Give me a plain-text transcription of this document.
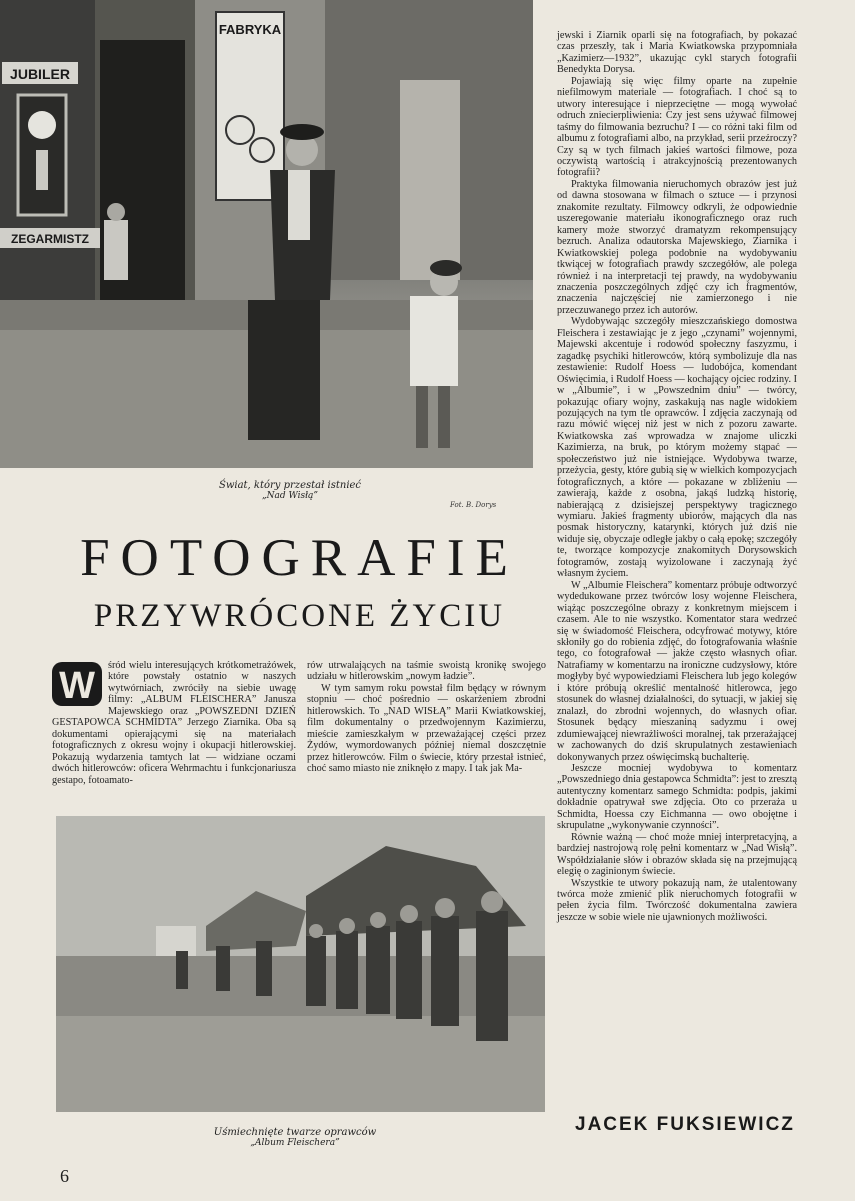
JUBILER
ZEGARMISTZ
FABRYKA
Świat, który przestał istnieć
„Nad Wisłą”
Fot. B. Dorys
FOTOGRAFIE
PRZYWRÓCONE ŻYCIU
W	śród wielu interesujących krótkometrażówek, które powstały ostatnio w naszych wytwórniach, zwróciły na siebie uwagę filmy: „ALBUM FLEISCHERA” Janusza Majewskiego oraz „POWSZEDNI DZIEŃ GESTAPOWCA SCHMIDTA” Jerzego Ziarnika. Oba są dokumentami opierającymi się na materiałach fotograficznych z okresu wojny i okupacji hitlerowskiej. Pokazują wydarzenia tamtych lat — widziane oczami dwóch hitlerowców: oficera Wehrmachtu i funkcjonariusza gestapo, fotoamato-

rów utrwalających na taśmie swoistą kronikę swojego udziału w hitlerowskim „nowym ładzie”.

W tym samym roku powstał film będący w równym stopniu — choć pośrednio — oskarżeniem zbrodni hitlerowskich. To „NAD WISŁĄ” Marii Kwiatkowskiej, film dokumentalny o przedwojennym Kazimierzu, mieście zamieszkałym w przeważającej części przez Żydów, wymordowanych później niemal doszczętnie przez hitlerowców. Film o świecie, który przestał istnieć, choć samo miasto nie zniknęło z mapy. I tak jak Ma-

Uśmiechnięte twarze oprawców
„Album Fleischera”

jewski i Ziarnik oparli się na fotografiach, by pokazać czas przeszły, tak i Maria Kwiatkowska przypomniała „Kazimierz—1932”, ukazując cykl starych fotografii Benedykta Dorysa.

Pojawiają się więc filmy oparte na zupełnie niefilmowym materiale — fotografiach. I choć są to utwory interesujące i nieprzeciętne — mogą wywołać odruch zniecierpliwienia: Czy jest sens używać filmowej taśmy do filmowania bezruchu? I — co różni taki film od albumu z fotografiami albo, na przykład, serii przeźroczy? Czy są w tych filmach jakieś wartości filmowe, poza oczywistą wartością i atrakcyjnością prezentowanych fotografii?

Praktyka filmowania nieruchomych obrazów jest już od dawna stosowana w filmach o sztuce — i przynosi znakomite rezultaty. Filmowcy odkryli, że odpowiednie uszeregowanie materiału ikonograficznego oraz ruch kamery może stworzyć dramatyzm rekompensujący bezruch. Analiza odautorska Majewskiego, Ziarnika i Kwiatkowskiej polega podobnie na wydobywaniu tkwiącej w fotografiach prawdy szczegółów, ale polega również i na interpretacji tej prawdy, na wydobywaniu znaczenia poszczególnych zdjęć czy ich fragmentów, znaczenia najczęściej nie zamierzonego i nie przeczuwanego przez ich autorów.

Wydobywając szczegóły mieszczańskiego domostwa Fleischera i zestawiając je z jego „czynami” wojennymi, Majewski akcentuje i rodowód społeczny faszyzmu, i zagadkę psychiki hitlerowców, którą symbolizuje dla nas zestawienie: Rudolf Hoess — ludobójca, komendant Oświęcimia, i Rudolf Hoess — kochający ojciec rodziny. I w „Albumie”, i w „Powszednim dniu” — twórcy, pokazując ofiary wojny, zaskakują nas nagle widokiem pozujących na tym tle oprawców. I zdjęcia zaczynają od razu mówić więcej niż jest w nich z pozoru zawarte. Kwiatkowska zaś wprowadza w znajome uliczki Kazimierza, na bruk, po którym możemy stąpać — społeczeństwo już nie istniejące. Wydobywa twarze, przeżycia, gesty, które gubią się w wielkich kompozycjach fotograficznych, a które — pokazane w zbliżeniu — zawierają, każde z osobna, jakąś ludzką historię, nabierającą z dzisiejszej perspektywy tragicznego wymiaru. Jakieś fragmenty ubiorów, mających dla nas posmak historyczny, katarynki, których już dziś nie widuje się, obyczaje odległe jakby o całą epokę; szczegóły te, tworzące kompozycje znakomitych Dorysowskich fotogramów, zostają wyizolowane i zaczynają żyć własnym życiem.

W „Albumie Fleischera” komentarz próbuje odtworzyć wydedukowane przez twórców losy wojenne Fleischera, wiążąc poszczególne obrazy z konkretnym miejscem i czasem. Ale to nie wszystko. Komentator stara wedrzeć się w świadomość Fleischera, odcyfrować motywy, które skłoniły go do robienia zdjęć, do fotografowania właśnie tego, co fotografował — jakże często własnych ofiar. Natrafiamy w komentarzu na ironiczne cudzysłowy, które mogłyby być wypowiedziami Fleischera lub jego kolegów i które próbują określić mentalność hitlerowca, jego stosunek do własnej działalności, do sytuacji, w jakiej się znalazł, do zbrodni wojennych, do własnych ofiar. Stosunek będący mieszaniną sadyzmu i owej zdumiewającej niewrażliwości moralnej, tak przerażającej w zachowanych do dziś skrupulatnych zestawieniach dokonywanych przez oświęcimską buchalterię.

Jeszcze mocniej wydobywa to komentarz „Powszedniego dnia gestapowca Schmidta”: jest to zresztą autentyczny komentarz samego Schmidta: podpis, jakimi dokładnie opatrywał swe zdjęcia. Oto co przeraża u Schmidta, Hoessa czy Eichmanna — owo obojętne i skrupulatne „wykonywanie czynności”.

Równie ważną — choć może mniej interpretacyjną, a bardziej nastrojową rolę pełni komentarz w „Nad Wisłą”. Współdziałanie słów i obrazów składa się na przejmującą elegię o zaginionym świecie.

Wszystkie te utwory pokazują nam, że utalentowany twórca może zmienić plik nieruchomych fotografii w pełen życia film. Twórczość dokumentalna zawiera jeszcze w sobie wiele nie ujawnionych możliwości.

JACEK FUKSIEWICZ
6
